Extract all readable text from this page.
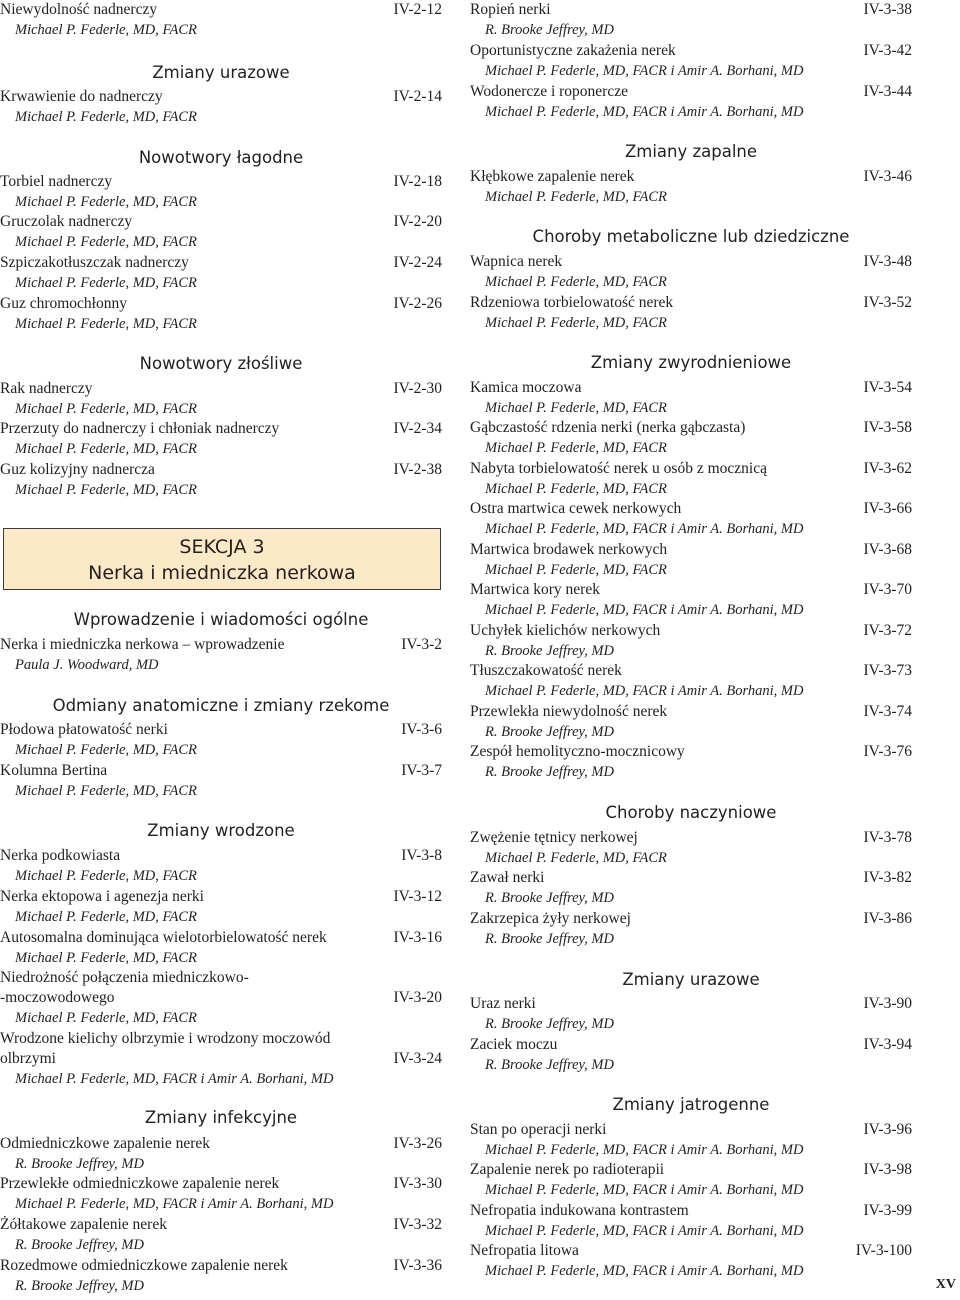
Niewydolność nadnerczy	IV-2-12
Michael P. Federle, MD, FACR
Zmiany urazowe
Krwawienie do nadnerczy	IV-2-14
Michael P. Federle, MD, FACR
Nowotwory łagodne
Torbiel nadnerczy	IV-2-18
Michael P. Federle, MD, FACR
Gruczolak nadnerczy	IV-2-20
Michael P. Federle, MD, FACR
Szpiczakotłuszczak nadnerczy	IV-2-24
Michael P. Federle, MD, FACR
Guz chromochłonny	IV-2-26
Michael P. Federle, MD, FACR
Nowotwory złośliwe
Rak nadnerczy	IV-2-30
Michael P. Federle, MD, FACR
Przerzuty do nadnerczy i chłoniak nadnerczy	IV-2-34
Michael P. Federle, MD, FACR
Guz kolizyjny nadnercza	IV-2-38
Michael P. Federle, MD, FACR
SEKCJA 3
Nerka i miedniczka nerkowa
Wprowadzenie i wiadomości ogólne
Nerka i miedniczka nerkowa – wprowadzenie	IV-3-2
Paula J. Woodward, MD
Odmiany anatomiczne i zmiany rzekome
Płodowa płatowatość nerki	IV-3-6
Michael P. Federle, MD, FACR
Kolumna Bertina	IV-3-7
Michael P. Federle, MD, FACR
Zmiany wrodzone
Nerka podkowiasta	IV-3-8
Michael P. Federle, MD, FACR
Nerka ektopowa i agenezja nerki	IV-3-12
Michael P. Federle, MD, FACR
Autosomalna dominująca wielotorbielowatość nerek	IV-3-16
Michael P. Federle, MD, FACR
Niedrożność połączenia miedniczkowo-
-moczowodowego	IV-3-20
Michael P. Federle, MD, FACR
Wrodzone kielichy olbrzymie i wrodzony moczowód
olbrzymi	IV-3-24
Michael P. Federle, MD, FACR i Amir A. Borhani, MD
Zmiany infekcyjne
Odmiedniczkowe zapalenie nerek	IV-3-26
R. Brooke Jeffrey, MD
Przewlekłe odmiedniczkowe zapalenie nerek	IV-3-30
Michael P. Federle, MD, FACR i Amir A. Borhani, MD
Żółtakowe zapalenie nerek	IV-3-32
R. Brooke Jeffrey, MD
Rozedmowe odmiedniczkowe zapalenie nerek	IV-3-36
R. Brooke Jeffrey, MD
Ropień nerki	IV-3-38
R. Brooke Jeffrey, MD
Oportunistyczne zakażenia nerek	IV-3-42
Michael P. Federle, MD, FACR i Amir A. Borhani, MD
Wodonercze i roponercze	IV-3-44
Michael P. Federle, MD, FACR i Amir A. Borhani, MD
Zmiany zapalne
Kłębkowe zapalenie nerek	IV-3-46
Michael P. Federle, MD, FACR
Choroby metaboliczne lub dziedziczne
Wapnica nerek	IV-3-48
Michael P. Federle, MD, FACR
Rdzeniowa torbielowatość nerek	IV-3-52
Michael P. Federle, MD, FACR
Zmiany zwyrodnieniowe
Kamica moczowa	IV-3-54
Michael P. Federle, MD, FACR
Gąbczastość rdzenia nerki (nerka gąbczasta)	IV-3-58
Michael P. Federle, MD, FACR
Nabyta torbielowatość nerek u osób z mocznicą	IV-3-62
Michael P. Federle, MD, FACR
Ostra martwica cewek nerkowych	IV-3-66
Michael P. Federle, MD, FACR i Amir A. Borhani, MD
Martwica brodawek nerkowych	IV-3-68
Michael P. Federle, MD, FACR
Martwica kory nerek	IV-3-70
Michael P. Federle, MD, FACR i Amir A. Borhani, MD
Uchyłek kielichów nerkowych	IV-3-72
R. Brooke Jeffrey, MD
Tłuszczakowatość nerek	IV-3-73
Michael P. Federle, MD, FACR i Amir A. Borhani, MD
Przewlekła niewydolność nerek	IV-3-74
R. Brooke Jeffrey, MD
Zespół hemolityczno-mocznicowy	IV-3-76
R. Brooke Jeffrey, MD
Choroby naczyniowe
Zwężenie tętnicy nerkowej	IV-3-78
Michael P. Federle, MD, FACR
Zawał nerki	IV-3-82
R. Brooke Jeffrey, MD
Zakrzepica żyły nerkowej	IV-3-86
R. Brooke Jeffrey, MD
Zmiany urazowe
Uraz nerki	IV-3-90
R. Brooke Jeffrey, MD
Zaciek moczu	IV-3-94
R. Brooke Jeffrey, MD
Zmiany jatrogenne
Stan po operacji nerki	IV-3-96
Michael P. Federle, MD, FACR i Amir A. Borhani, MD
Zapalenie nerek po radioterapii	IV-3-98
Michael P. Federle, MD, FACR i Amir A. Borhani, MD
Nefropatia indukowana kontrastem	IV-3-99
Michael P. Federle, MD, FACR i Amir A. Borhani, MD
Nefropatia litowa	IV-3-100
Michael P. Federle, MD, FACR i Amir A. Borhani, MD
XV
